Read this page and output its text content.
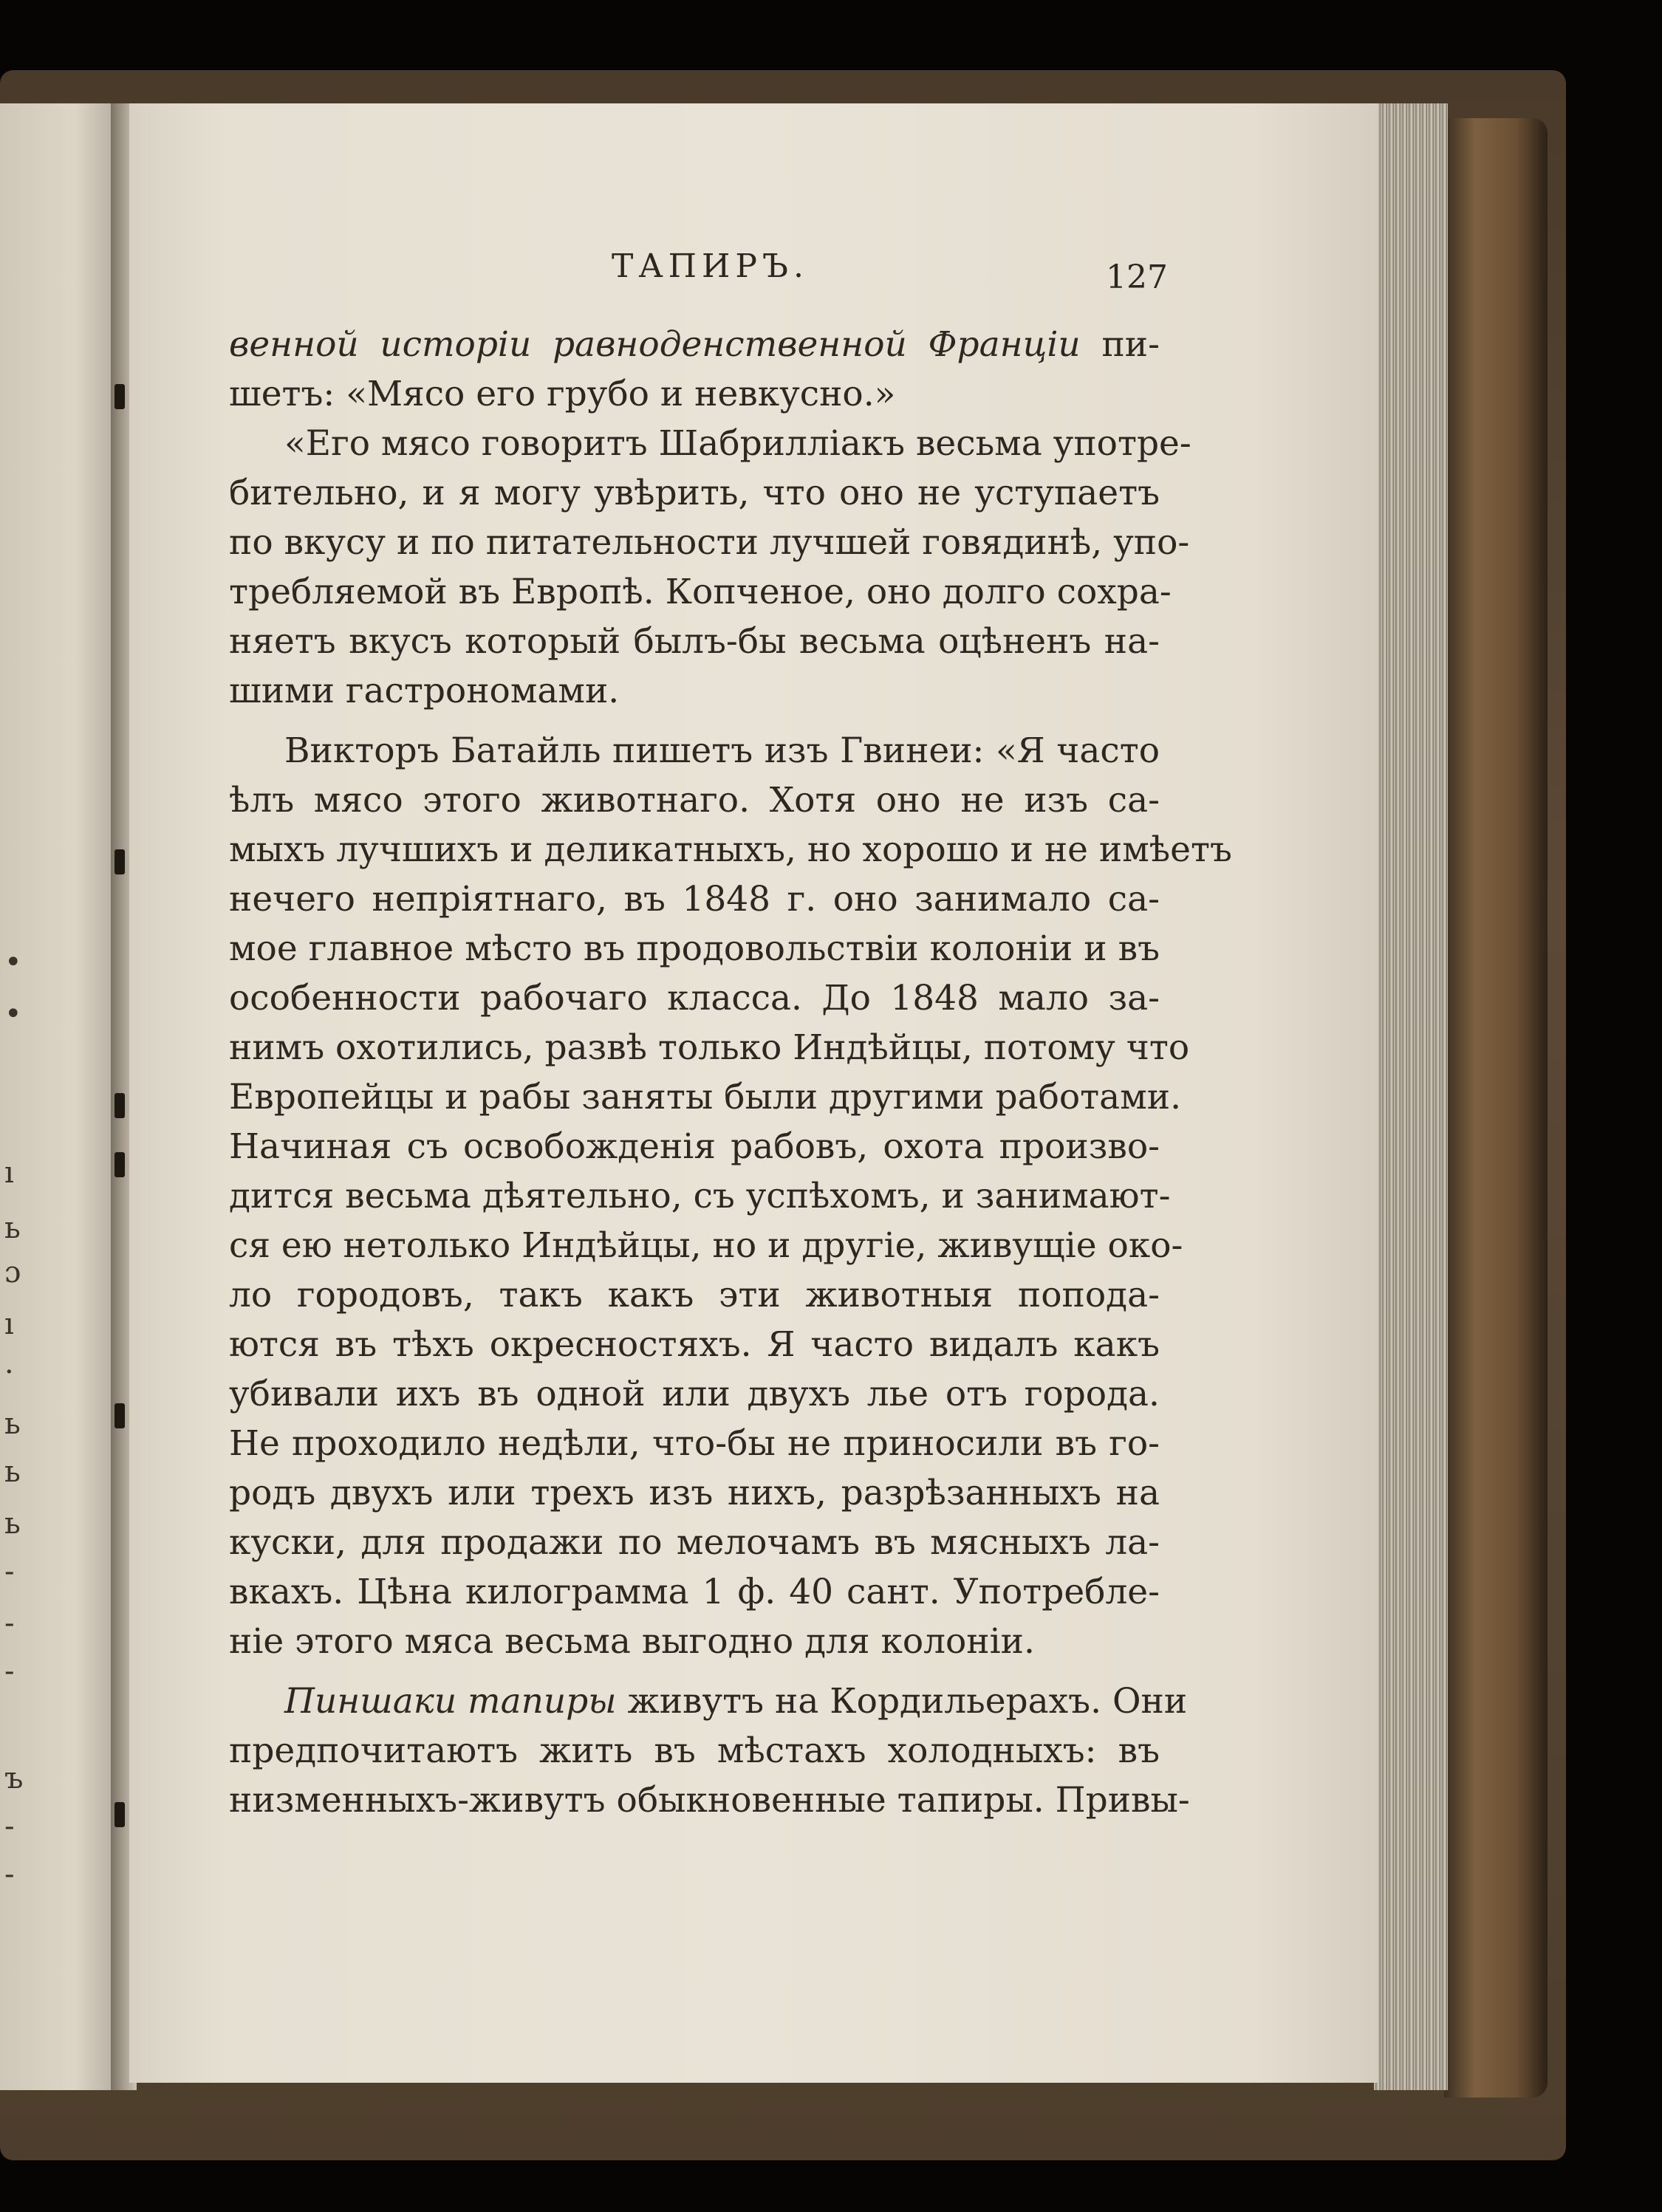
•
•
ı
ь
ɔ
ı
·
ь
ь
ь
-
-
-
ъ
-
-
ТАПИРЪ.	127
венной исторіи равноденственной Франціи пи-
шетъ: «Мясо его грубо и невкусно.»
«Его мясо говоритъ Шабрилліакъ весьма употре-
бительно, и я могу увѣрить, что оно не уступаетъ
по вкусу и по питательности лучшей говядинѣ, упо-
требляемой въ Европѣ. Копченое, оно долго сохра-
няетъ вкусъ который былъ-бы весьма оцѣненъ на-
шими гастрономами.
Викторъ Батайль пишетъ изъ Гвинеи: «Я часто
ѣлъ мясо этого животнаго. Хотя оно не изъ са-
мыхъ лучшихъ и деликатныхъ, но хорошо и не имѣетъ
нечего непріятнаго, въ 1848 г. оно занимало са-
мое главное мѣсто въ продовольствіи колоніи и въ
особенности рабочаго класса. До 1848 мало за-
нимъ охотились, развѣ только Индѣйцы, потому что
Европейцы и рабы заняты были другими работами.
Начиная съ освобожденія рабовъ, охота произво-
дится весьма дѣятельно, съ успѣхомъ, и занимают-
ся ею нетолько Индѣйцы, но и другіе, живущіе око-
ло городовъ, такъ какъ эти животныя попода-
ются въ тѣхъ окресностяхъ. Я часто видалъ какъ
убивали ихъ въ одной или двухъ лье отъ города.
Не проходило недѣли, что-бы не приносили въ го-
родъ двухъ или трехъ изъ нихъ, разрѣзанныхъ на
куски, для продажи по мелочамъ въ мясныхъ ла-
вкахъ. Цѣна килограмма 1 ф. 40 сант. Употребле-
ніе этого мяса весьма выгодно для колоніи.
Пиншаки тапиры живутъ на Кордильерахъ. Они
предпочитаютъ жить въ мѣстахъ холодныхъ: въ
низменныхъ-живутъ обыкновенные тапиры. Привы-
